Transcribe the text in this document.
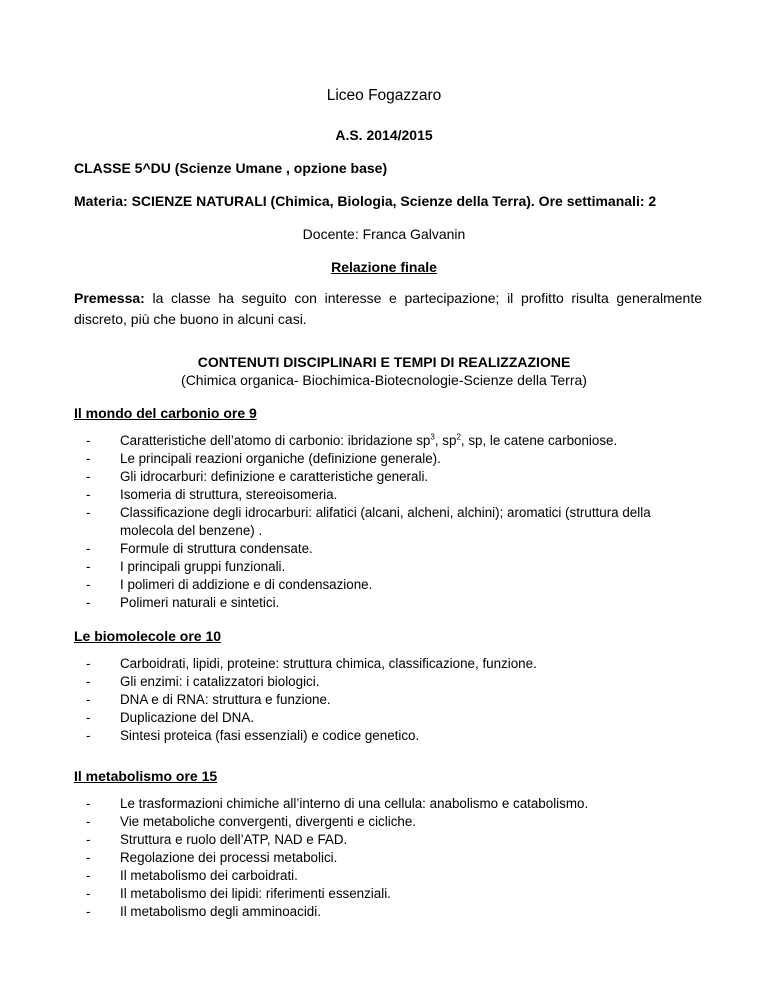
Liceo Fogazzaro
A.S. 2014/2015
CLASSE 5^DU (Scienze Umane , opzione base)
Materia: SCIENZE NATURALI (Chimica, Biologia, Scienze della Terra). Ore settimanali: 2
Docente: Franca Galvanin
Relazione finale
Premessa: la classe ha seguito con interesse e partecipazione; il profitto risulta generalmente discreto, più che buono in alcuni casi.
CONTENUTI DISCIPLINARI E TEMPI DI REALIZZAZIONE
(Chimica organica- Biochimica-Biotecnologie-Scienze della Terra)
Il mondo del carbonio ore 9
- Caratteristiche dell’atomo di carbonio: ibridazione $sp^3$, $sp^2$, sp, le catene carboniose.
- Le principali reazioni organiche (definizione generale).
- Gli idrocarburi: definizione e caratteristiche generali.
- Isomeria di struttura, stereoisomeria.
- Classificazione degli idrocarburi: alifatici (alcani, alcheni, alchini); aromatici (struttura della
molecola del benzene) .
- Formule di struttura condensate.
- I principali gruppi funzionali.
- I polimeri di addizione e di condensazione.
- Polimeri naturali e sintetici.
Le biomolecole ore 10
- Carboidrati, lipidi, proteine: struttura chimica, classificazione, funzione.
- Gli enzimi: i catalizzatori biologici.
- DNA e di RNA: struttura e funzione.
- Duplicazione del DNA.
- Sintesi proteica (fasi essenziali) e codice genetico.
Il metabolismo ore 15
- Le trasformazioni chimiche all’interno di una cellula: anabolismo e catabolismo.
- Vie metaboliche convergenti, divergenti e cicliche.
- Struttura e ruolo dell’ATP, NAD e FAD.
- Regolazione dei processi metabolici.
- Il metabolismo dei carboidrati.
- Il metabolismo dei lipidi: riferimenti essenziali.
- Il metabolismo degli amminoacidi.
